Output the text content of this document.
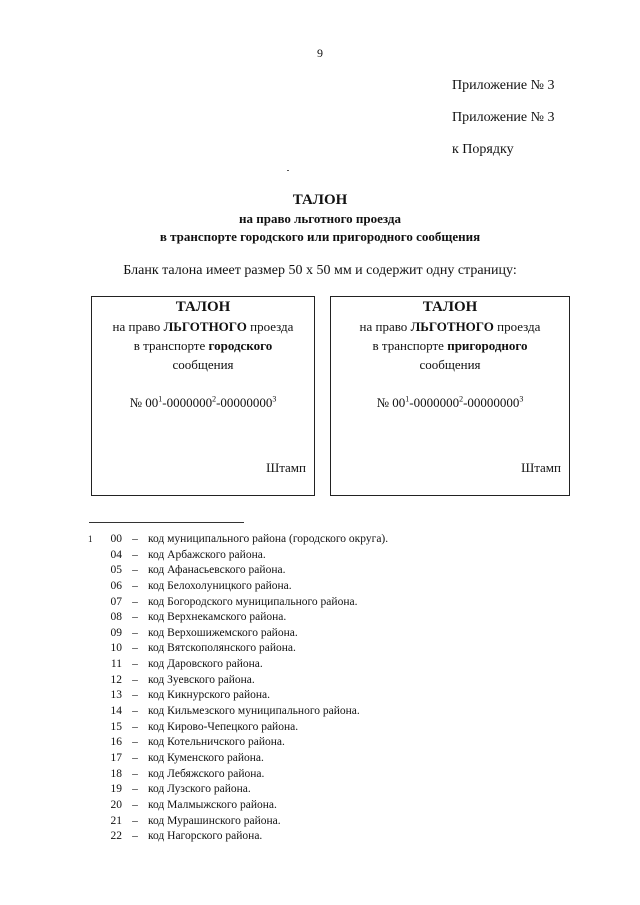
9
Приложение № 3
Приложение № 3
к Порядку
ТАЛОН
на право льготного проезда
в транспорте городского или пригородного сообщения
Бланк талона имеет размер 50 х 50 мм и содержит одну страницу:
ТАЛОН
на право ЛЬГОТНОГО проезда
в транспорте городского
сообщения
№ $00^1-0000000^2-00000000^3$
Штамп
ТАЛОН
на право ЛЬГОТНОГО проезда
в транспорте пригородного
сообщения
№ $00^1-0000000^2-00000000^3$
Штамп
1	00 – код муниципального района (городского округа).
04 – код Арбажского района.
05 – код Афанасьевского района.
06 – код Белохолуницкого района.
07 – код Богородского муниципального района.
08 – код Верхнекамского района.
09 – код Верхошижемского района.
10 – код Вятскополянского района.
11 – код Даровского района.
12 – код Зуевского района.
13 – код Кикнурского района.
14 – код Кильмезского муниципального района.
15 – код Кирово-Чепецкого района.
16 – код Котельничского района.
17 – код Куменского района.
18 – код Лебяжского района.
19 – код Лузского района.
20 – код Малмыжского района.
21 – код Мурашинского района.
22 – код Нагорского района.
